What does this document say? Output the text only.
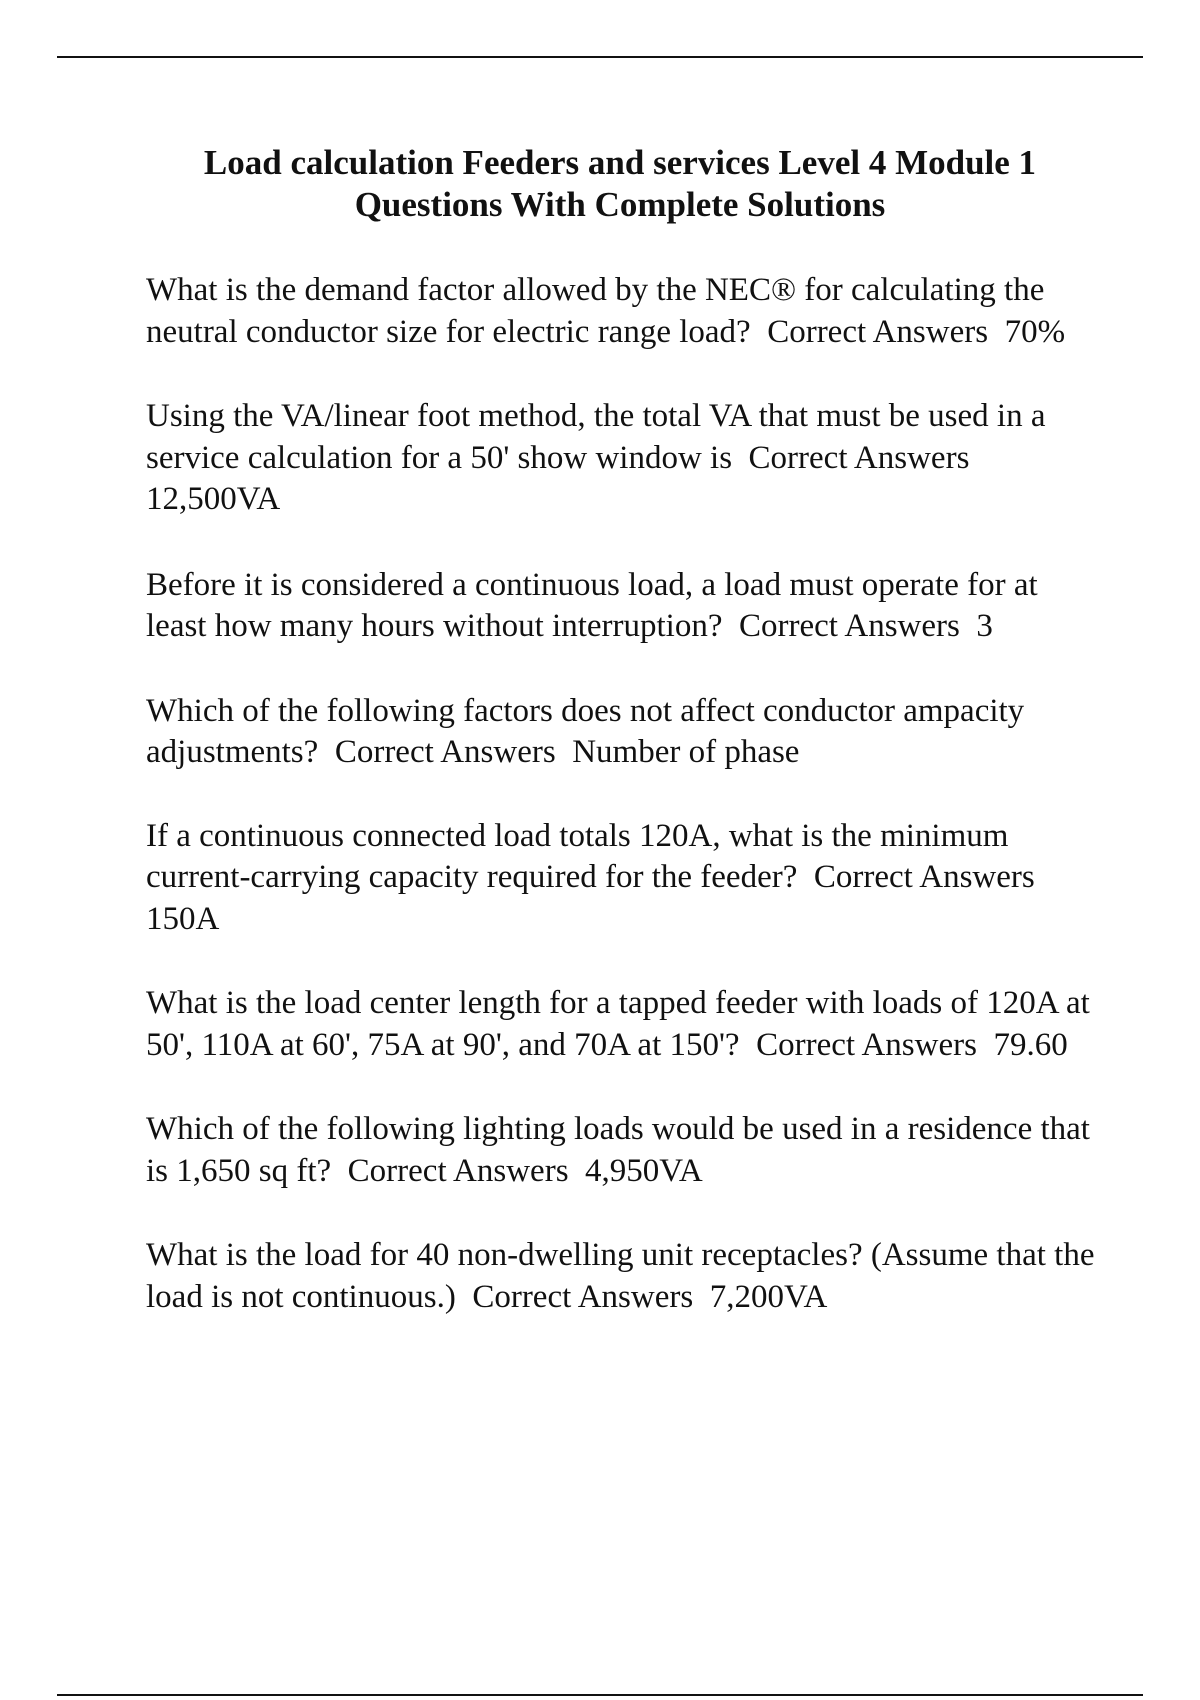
Load calculation Feeders and services Level 4 Module 1
Questions With Complete Solutions
What is the demand factor allowed by the NEC® for calculating the neutral conductor size for electric range load? Correct Answers 70%
Using the VA/linear foot method, the total VA that must be used in a service calculation for a 50' show window is Correct Answers  12,500VA
Before it is considered a continuous load, a load must operate for at least how many hours without interruption? Correct Answers 3
Which of the following factors does not affect conductor ampacity adjustments? Correct Answers Number of phase
If a continuous connected load totals 120A, what is the minimum current-carrying capacity required for the feeder? Correct Answers  150A
What is the load center length for a tapped feeder with loads of 120A at 50', 110A at 60', 75A at 90', and 70A at 150'? Correct Answers 79.60
Which of the following lighting loads would be used in a residence that is 1,650 sq ft? Correct Answers 4,950VA
What is the load for 40 non-dwelling unit receptacles? (Assume that the load is not continuous.) Correct Answers 7,200VA
